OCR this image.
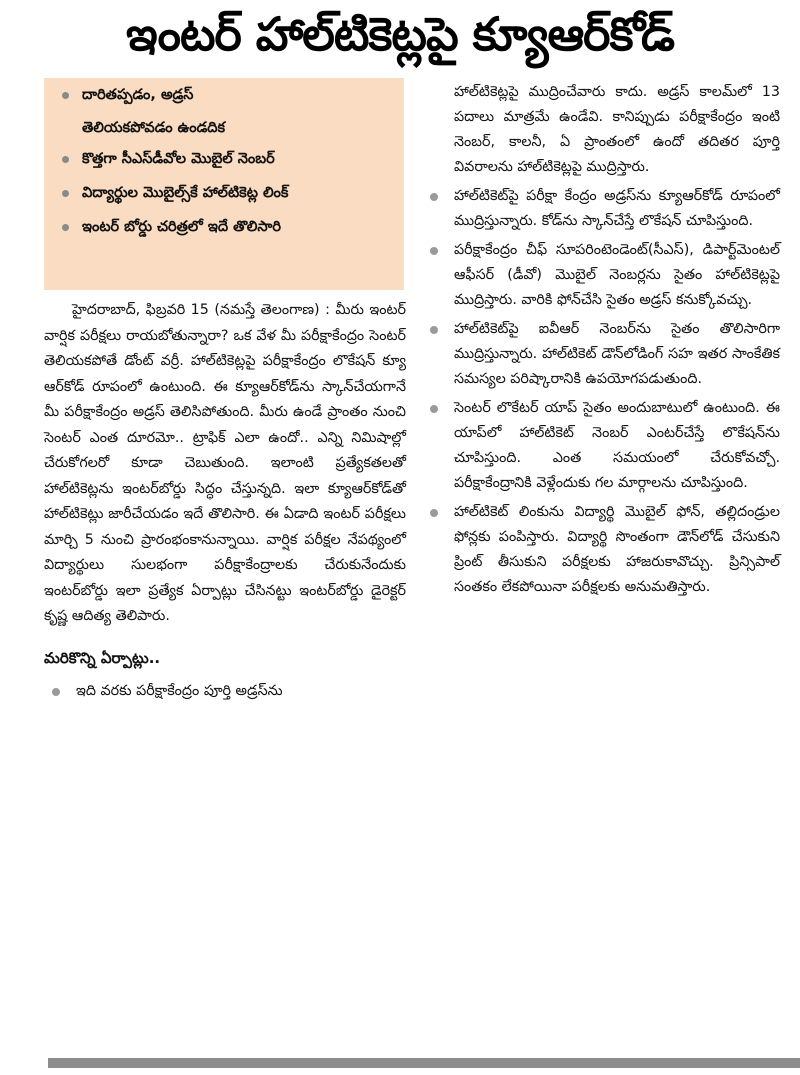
ఇంటర్ హాల్‌టికెట్లపై క్యూఆర్‌కోడ్
దారితప్పడం, అడ్రస్
తెలియకపోవడం ఉండదిక
కొత్తగా సీఎస్‌డీవోల మొబైల్ నెంబర్
విద్యార్థుల మొబైల్స్‌కే హాల్‌టికెట్ల లింక్
ఇంటర్ బోర్డు చరిత్రలో ఇదే తొలిసారి

హైదరాబాద్, ఫిబ్రవరి 15 (నమస్తే తెలంగాణ) : మీరు ఇంటర్ వార్షిక పరీక్షలు రాయబోతున్నారా? ఒక వేళ మీ పరీక్షాకేంద్రం సెంటర్ తెలియకపోతే డోంట్ వర్రీ. హాల్‌టికెట్లపై పరీక్షాకేంద్రం లొకేషన్ క్యూ ఆర్‌కోడ్ రూపంలో ఉంటుంది. ఈ క్యూఆర్‌కోడ్‌ను స్కాన్‌చేయగానే మీ పరీక్షాకేంద్రం అడ్రస్ తెలిసిపోతుంది. మీరు ఉండే ప్రాంతం నుంచి సెంటర్ ఎంత దూరమో.. ట్రాఫిక్ ఎలా ఉందో.. ఎన్ని నిమిషాల్లో చేరుకోగలరో కూడా చెబుతుంది. ఇలాంటి ప్రత్యేకతలతో హాల్‌టికెట్లను ఇంటర్‌బోర్డు సిద్ధం చేస్తున్నది. ఇలా క్యూఆర్‌కోడ్‌తో హాల్‌టికెట్లు జారీచేయడం ఇదే తొలిసారి. ఈ ఏడాది ఇంటర్ పరీక్షలు మార్చి 5 నుంచి ప్రారంభంకానున్నాయి. వార్షిక పరీక్షల నేపథ్యంలో విద్యార్థులు సులభంగా పరీక్షాకేంద్రాలకు చేరుకునేందుకు ఇంటర్‌బోర్డు ఇలా ప్రత్యేక ఏర్పాట్లు చేసినట్టు ఇంటర్‌బోర్డు డైరెక్టర్ కృష్ణ ఆదిత్య తెలిపారు.

మరికొన్ని ఏర్పాట్లు..
ఇది వరకు పరీక్షాకేంద్రం పూర్తి అడ్రస్‌ను

హాల్‌టికెట్లపై ముద్రించేవారు కాదు. అడ్రస్ కాలమ్‌లో 13 పదాలు మాత్రమే ఉండేవి. కానిప్పుడు పరీక్షాకేంద్రం ఇంటి నెంబర్, కాలనీ, ఏ ప్రాంతంలో ఉందో తదితర పూర్తి వివరాలను హాల్‌టికెట్లపై ముద్రిస్తారు.

హాల్‌టికెట్‌పై పరీక్షా కేంద్రం అడ్రస్‌ను క్యూఆర్‌కోడ్ రూపంలో ముద్రిస్తున్నారు. కోడ్‌ను స్కాన్‌చేస్తే లొకేషన్ చూపిస్తుంది.
పరీక్షాకేంద్రం చీఫ్ సూపరింటెండెంట్(సీఎస్), డిపార్ట్‌మెంటల్ ఆఫీసర్ (డీవో) మొబైల్ నెంబర్లను సైతం హాల్‌టికెట్లపై ముద్రిస్తారు. వారికి ఫోన్‌చేసి సైతం అడ్రస్ కనుక్కోవచ్చు.
హాల్‌టికెట్‌పై ఐవీఆర్ నెంబర్‌ను సైతం తొలిసారిగా ముద్రిస్తున్నారు. హాల్‌టికెట్ డౌన్‌లోడింగ్ సహ ఇతర సాంకేతిక సమస్యల పరిష్కారానికి ఉపయోగపడుతుంది.
సెంటర్ లొకేటర్ యాప్ సైతం అందుబాటులో ఉంటుంది. ఈ యాప్‌లో హాల్‌టికెట్ నెంబర్ ఎంటర్‌చేస్తే లొకేషన్‌ను చూపిస్తుంది. ఎంత సమయంలో చేరుకోవచ్చో. పరీక్షాకేంద్రానికి వెళ్లేందుకు గల మార్గాలను చూపిస్తుంది.
హాల్‌టికెట్ లింకును విద్యార్థి మొబైల్ ఫోన్, తల్లిదండ్రుల ఫోన్లకు పంపిస్తారు. విద్యార్థి సొంతంగా డౌన్‌లోడ్ చేసుకుని ప్రింట్ తీసుకుని పరీక్షలకు హాజరుకావొచ్చు. ప్రిన్సిపాల్ సంతకం లేకపోయినా పరీక్షలకు అనుమతిస్తారు.
